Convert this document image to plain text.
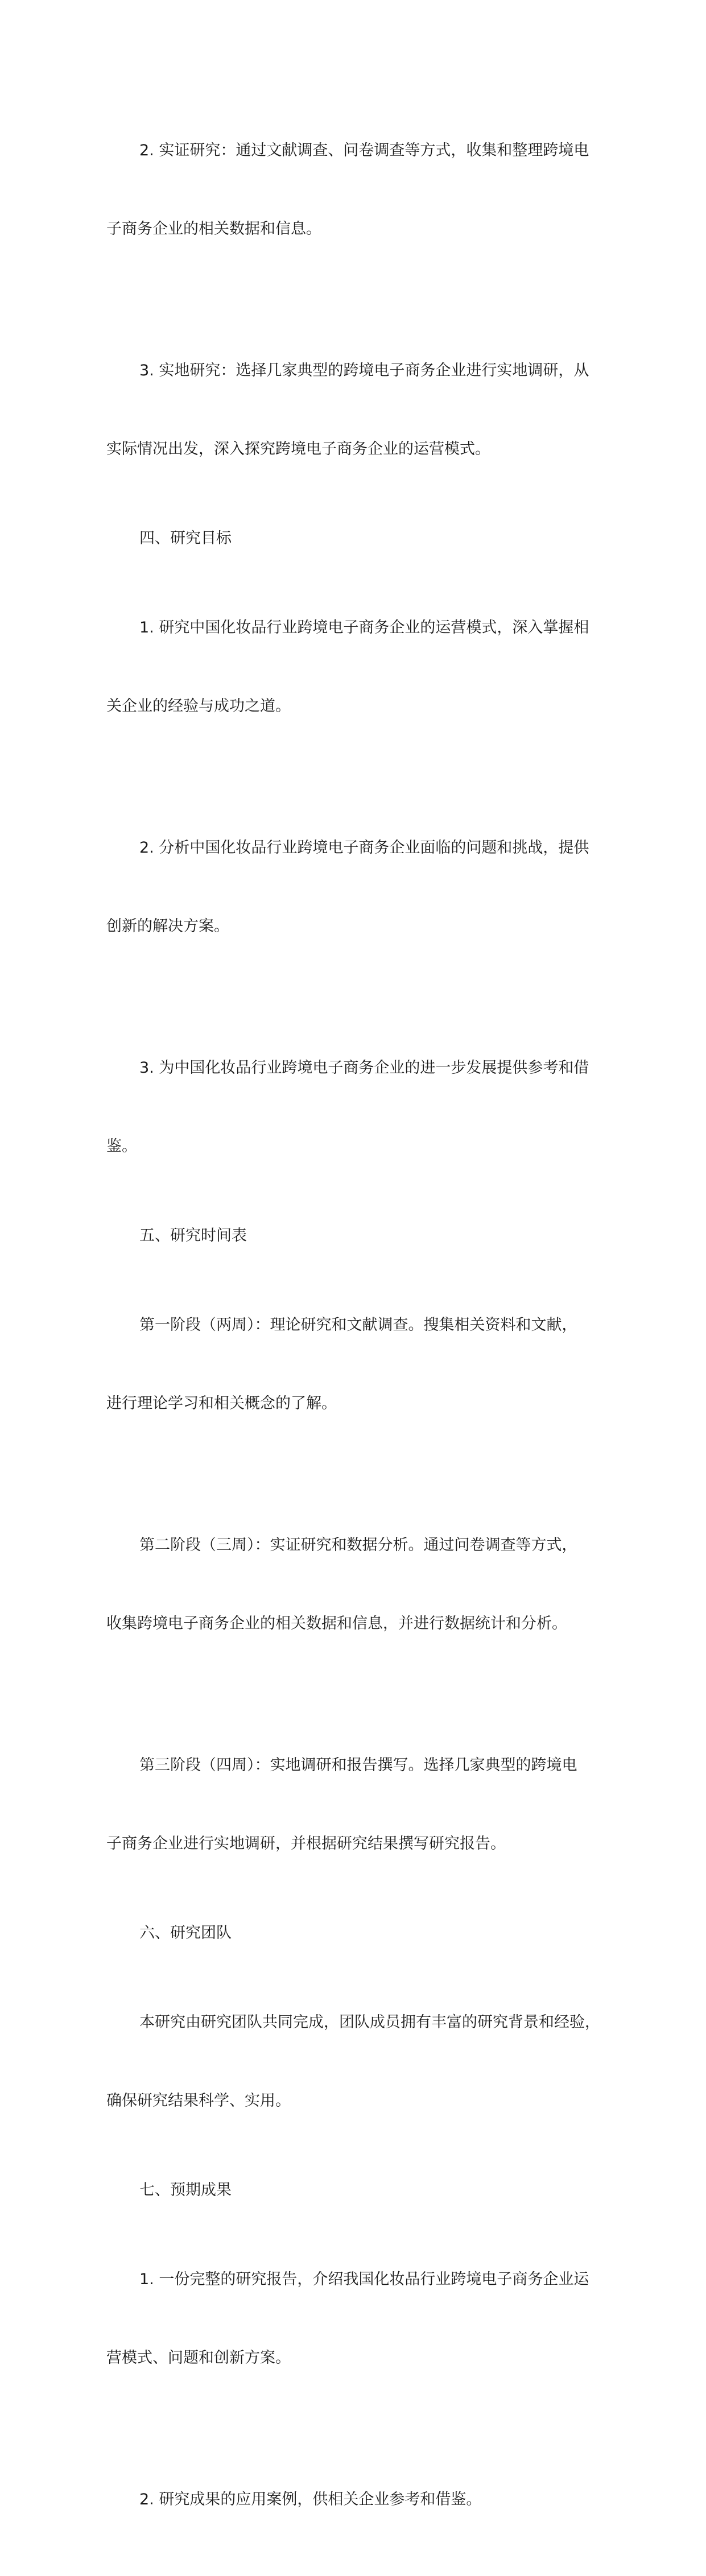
2. 实证研究：通过文献调查、问卷调查等方式，收集和整理跨境电

子商务企业的相关数据和信息。

3. 实地研究：选择几家典型的跨境电子商务企业进行实地调研，从

实际情况出发，深入探究跨境电子商务企业的运营模式。

四、研究目标

1. 研究中国化妆品行业跨境电子商务企业的运营模式，深入掌握相

关企业的经验与成功之道。

2. 分析中国化妆品行业跨境电子商务企业面临的问题和挑战，提供

创新的解决方案。

3. 为中国化妆品行业跨境电子商务企业的进一步发展提供参考和借

鉴。

五、研究时间表

第一阶段（两周）：理论研究和文献调查。搜集相关资料和文献，

进行理论学习和相关概念的了解。

第二阶段（三周）：实证研究和数据分析。通过问卷调查等方式，

收集跨境电子商务企业的相关数据和信息，并进行数据统计和分析。

第三阶段（四周）：实地调研和报告撰写。选择几家典型的跨境电

子商务企业进行实地调研，并根据研究结果撰写研究报告。

六、研究团队

本研究由研究团队共同完成，团队成员拥有丰富的研究背景和经验，

确保研究结果科学、实用。

七、预期成果

1. 一份完整的研究报告，介绍我国化妆品行业跨境电子商务企业运

营模式、问题和创新方案。

2. 研究成果的应用案例，供相关企业参考和借鉴。
